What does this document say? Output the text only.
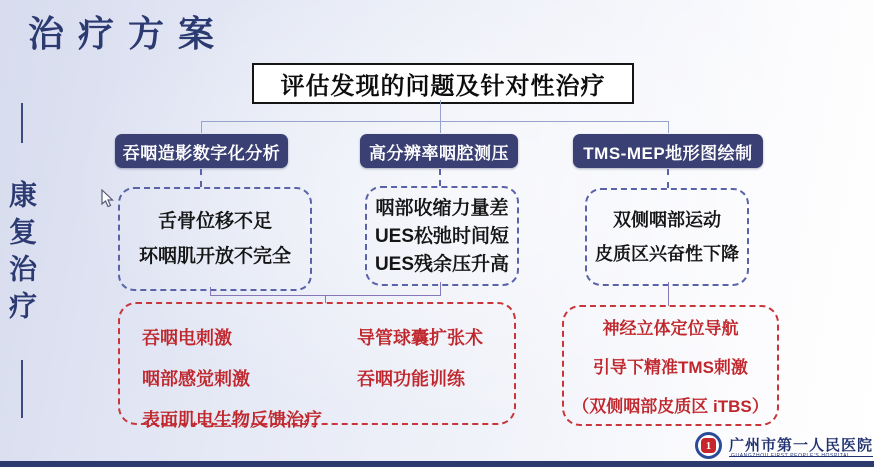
治疗方案
康复治疗
评估发现的问题及针对性治疗
吞咽造影数字化分析	高分辨率咽腔测压	TMS-MEP地形图绘制
舌骨位移不足
环咽肌开放不完全
咽部收缩力量差
UES松弛时间短
UES残余压升高
双侧咽部运动
皮质区兴奋性下降
吞咽电刺激
咽部感觉刺激
表面肌电生物反馈治疗
导管球囊扩张术
吞咽功能训练
神经立体定位导航
引导下精准TMS刺激
（双侧咽部皮质区 iTBS）
1	广州市第一人民医院
GUANGZHOU FIRST PEOPLE'S HOSPITAL
